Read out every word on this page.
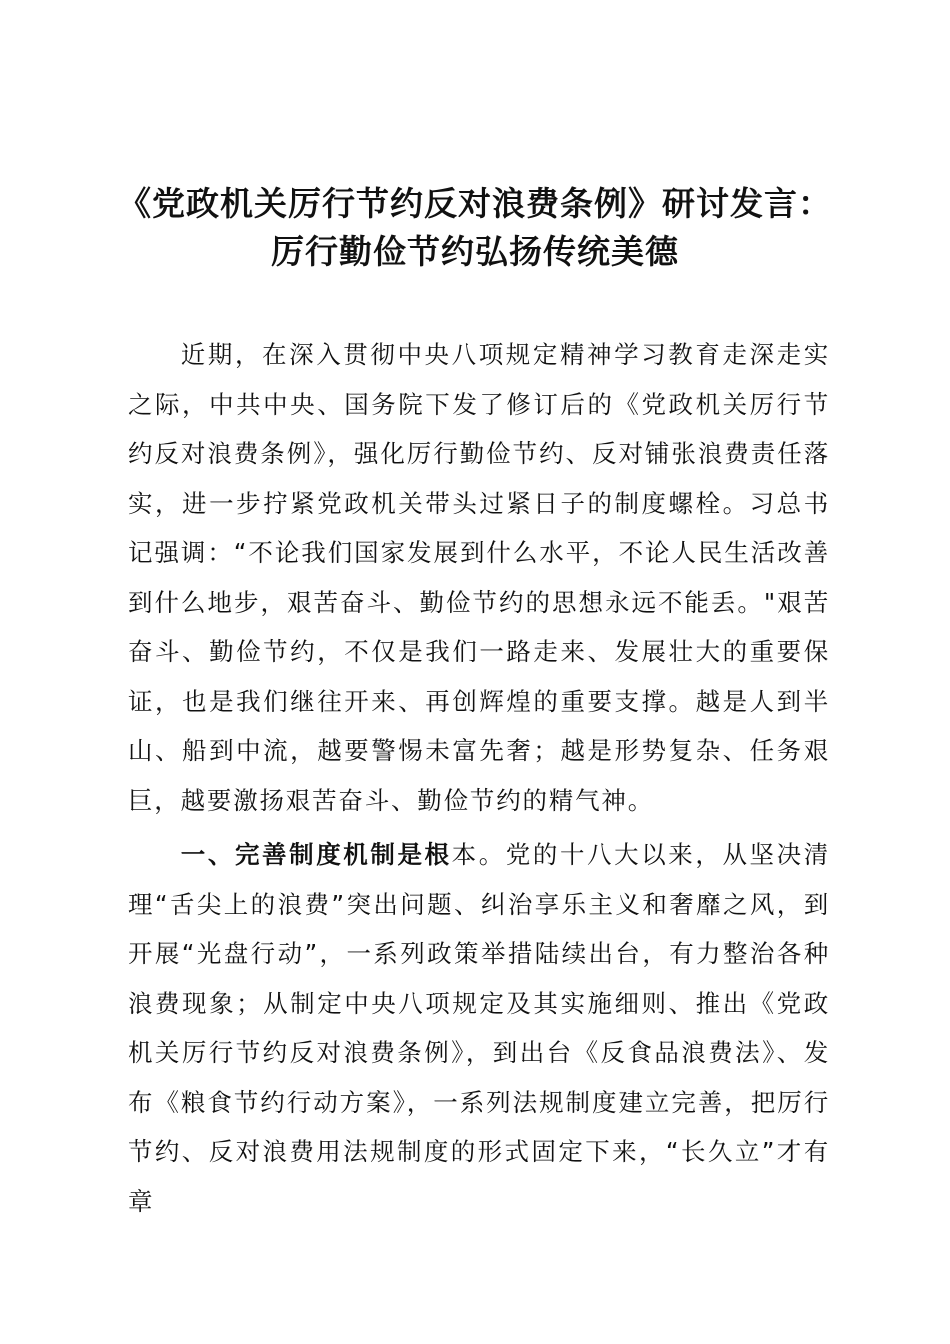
《党政机关厉行节约反对浪费条例》研讨发言：
厉行勤俭节约弘扬传统美德

近期，在深入贯彻中央八项规定精神学习教育走深走实之际，中共中央、国务院下发了修订后的《党政机关厉行节约反对浪费条例》，强化厉行勤俭节约、反对铺张浪费责任落实，进一步拧紧党政机关带头过紧日子的制度螺栓。习总书记强调：“不论我们国家发展到什么水平，不论人民生活改善到什么地步，艰苦奋斗、勤俭节约的思想永远不能丢。"艰苦奋斗、勤俭节约，不仅是我们一路走来、发展壮大的重要保证，也是我们继往开来、再创辉煌的重要支撑。越是人到半山、船到中流，越要警惕未富先奢；越是形势复杂、任务艰巨，越要激扬艰苦奋斗、勤俭节约的精气神。

一、完善制度机制是根本。党的十八大以来，从坚决清理“舌尖上的浪费”突出问题、纠治享乐主义和奢靡之风，到开展“光盘行动”，一系列政策举措陆续出台，有力整治各种浪费现象；从制定中央八项规定及其实施细则、推出《党政机关厉行节约反对浪费条例》，到出台《反食品浪费法》、发布《粮食节约行动方案》，一系列法规制度建立完善，把厉行节约、反对浪费用法规制度的形式固定下来，“长久立”才有章
